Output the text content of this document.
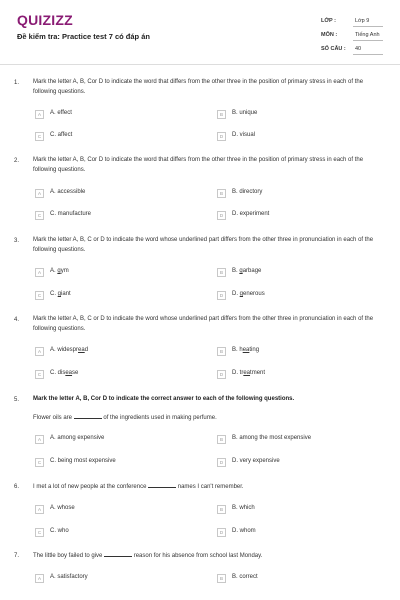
QUIZIZZ
Đề kiểm tra: Practice test 7 có đáp án
LỚP :	Lớp 9
MÔN :	Tiếng Anh
SỐ CÂU : 40
1. Mark the letter A, B, Cor D to indicate the word that differs from the other three in the position of primary stress in each of the following questions.
A	A. effect	B	B. unique
C	C. affect	D	D. visual
2. Mark the letter A, B, Cor D to indicate the word that differs from the other three in the position of primary stress in each of the following questions.
A	A. accessible	B	B. directory
C	C. manufacture	D	D. experiment
3. Mark the letter A, B, C or D to indicate the word whose underlined part differs from the other three in pronunciation in each of the following questions.
A	A. gym	B	B. garbage
C	C. giant	D	D. generous
4. Mark the letter A, B, C or D to indicate the word whose underlined part differs from the other three in pronunciation in each of the following questions.
A	A. widespread	B	B. heating
C	C. disease	D	D. treatment
5. Mark the letter A, B, Cor D to indicate the correct answer to each of the following questions.
Flower oils are	of the ingredients used in making perfume.
A	A. among expensive	B	B. among the most expensive
C	C. being most expensive	D	D. very expensive
6. I met a lot of new people at the conference	names I can't remember.
A	A. whose	B	B. which
C	C. who	D	D. whom
7. The little boy failed to give	reason for his absence from school last Monday.
A	A. satisfactory	B	B. correct
